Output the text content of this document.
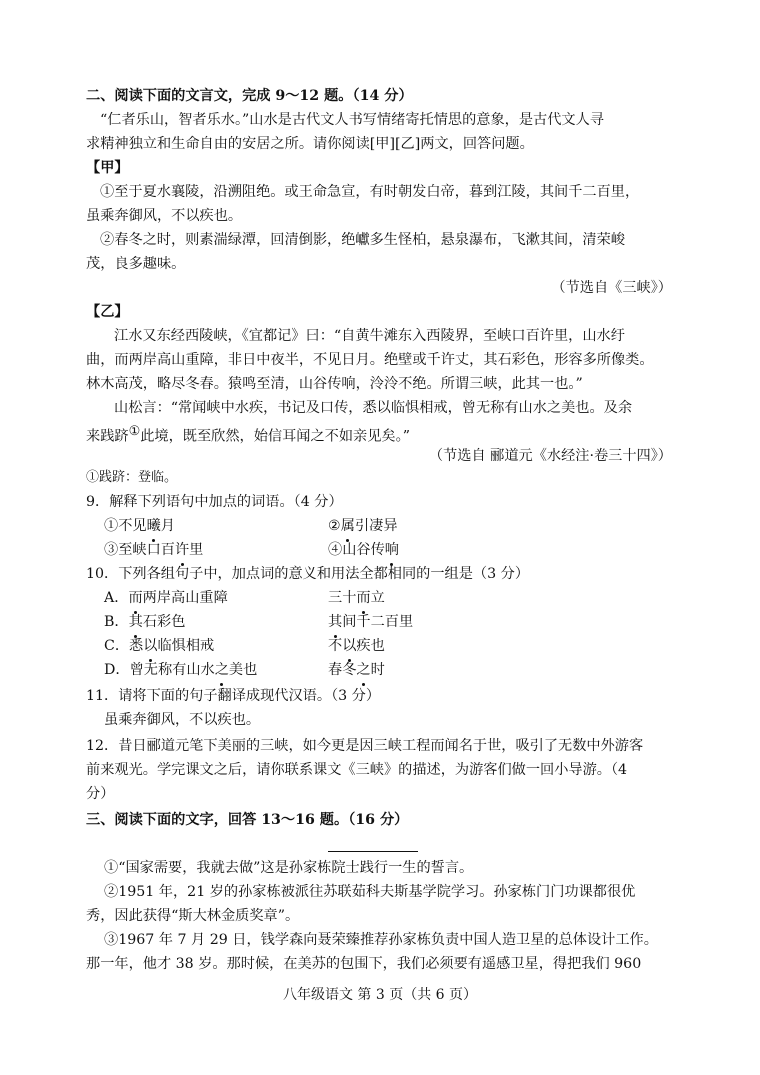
二、阅读下面的文言文，完成 9～12 题。（14 分）
“仁者乐山，智者乐水。”山水是古代文人书写情绪寄托情思的意象，是古代文人寻
求精神独立和生命自由的安居之所。请你阅读[甲][乙]两文，回答问题。
【甲】
①至于夏水襄陵，沿溯阻绝。或王命急宣，有时朝发白帝，暮到江陵，其间千二百里，
虽乘奔御风，不以疾也。
②春冬之时，则素湍绿潭，回清倒影，绝巘多生怪柏，悬泉瀑布，飞漱其间，清荣峻
茂，良多趣味。
（节选自《三峡》）
【乙】
江水又东经西陵峡，《宜都记》曰：“自黄牛滩东入西陵界，至峡口百许里，山水纡
曲，而两岸高山重障，非日中夜半，不见日月。绝壁或千许丈，其石彩色，形容多所像类。
林木高茂，略尽冬春。猿鸣至清，山谷传响，泠泠不绝。所谓三峡，此其一也。”
山松言：“常闻峡中水疾，书记及口传，悉以临惧相戒，曾无称有山水之美也。及余
来践跻①此境，既至欣然，始信耳闻之不如亲见矣。”
（节选自 郦道元《水经注·卷三十四》）
①践跻：登临。
9．解释下列语句中加点的词语。（4 分）
①不见曦月	②属引凄异
③至峡口百许里	④山谷传响
10．下列各组句子中，加点词的意义和用法全都相同的一组是（3 分）
A．而两岸高山重障	三十而立
B．其石彩色	其间千二百里
C．悉以临惧相戒	不以疾也
D．曾无称有山水之美也	春冬之时
11．请将下面的句子翻译成现代汉语。（3 分）
虽乘奔御风，不以疾也。
12．昔日郦道元笔下美丽的三峡，如今更是因三峡工程而闻名于世，吸引了无数中外游客
前来观光。学完课文之后，请你联系课文《三峡》的描述，为游客们做一回小导游。（4
分）
三、阅读下面的文字，回答 13～16 题。（16 分）
①“国家需要，我就去做”这是孙家栋院士践行一生的誓言。
②1951 年，21 岁的孙家栋被派往苏联茹科夫斯基学院学习。孙家栋门门功课都很优
秀，因此获得“斯大林金质奖章”。
③1967 年 7 月 29 日，钱学森向聂荣臻推荐孙家栋负责中国人造卫星的总体设计工作。
那一年，他才 38 岁。那时候，在美苏的包围下，我们必须要有遥感卫星，得把我们 960
八年级语文 第 3 页（共 6 页）
